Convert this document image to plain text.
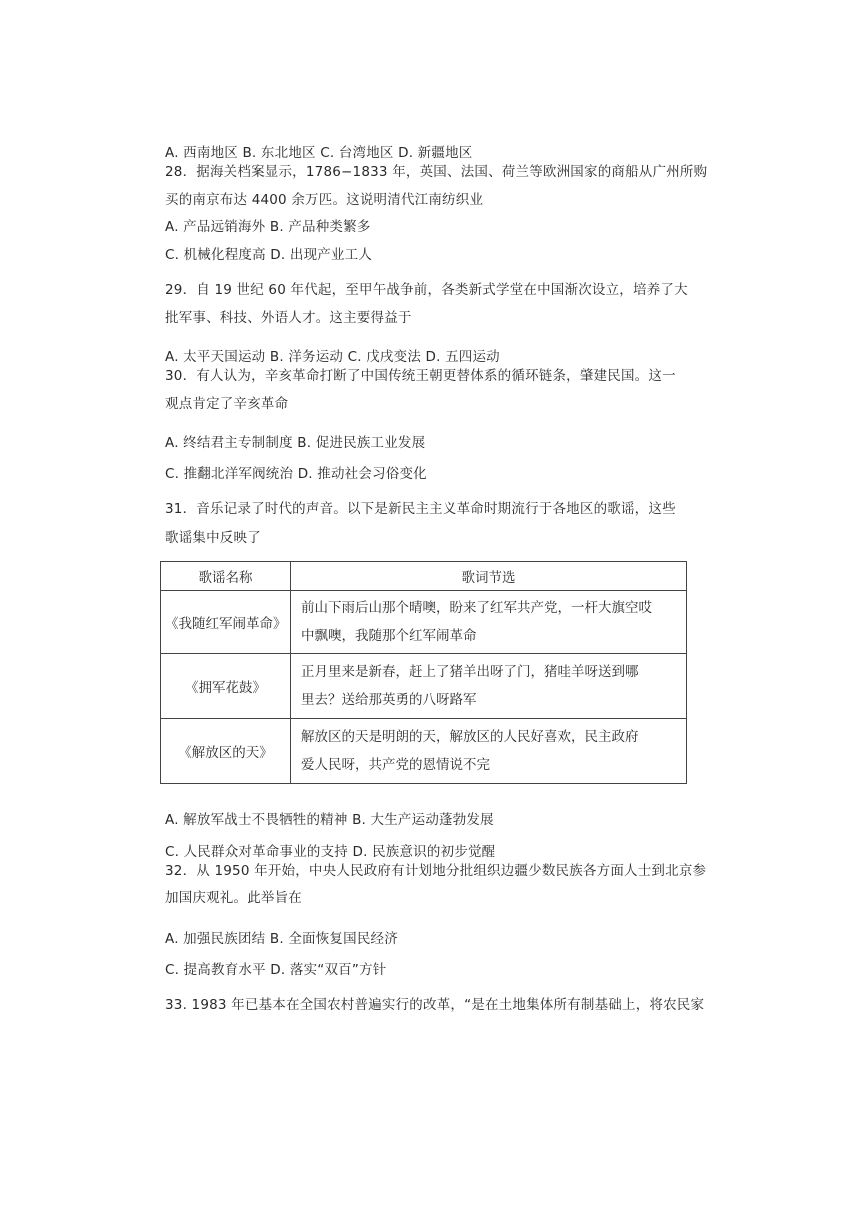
A. 西南地区 B. 东北地区 C. 台湾地区 D. 新疆地区
28．据海关档案显示，1786−1833 年，英国、法国、荷兰等欧洲国家的商船从广州所购
买的南京布达 4400 余万匹。这说明清代江南纺织业
A. 产品远销海外 B. 产品种类繁多
C. 机械化程度高 D. 出现产业工人
29．自 19 世纪 60 年代起，至甲午战争前，各类新式学堂在中国渐次设立，培养了大
批军事、科技、外语人才。这主要得益于
A. 太平天国运动 B. 洋务运动 C. 戊戌变法 D. 五四运动
30．有人认为，辛亥革命打断了中国传统王朝更替体系的循环链条，肇建民国。这一
观点肯定了辛亥革命
A. 终结君主专制制度 B. 促进民族工业发展
C. 推翻北洋军阀统治 D. 推动社会习俗变化
31．音乐记录了时代的声音。以下是新民主主义革命时期流行于各地区的歌谣，这些
歌谣集中反映了
歌谣名称	歌词节选
《我随红军闹革命》	前山下雨后山那个晴噢，盼来了红军共产党，一杆大旗空哎
中飘噢，我随那个红军闹革命

《拥军花鼓》	正月里来是新春，赶上了猪羊出呀了门，猪哇羊呀送到哪
里去？送给那英勇的八呀路军

《解放区的天》	解放区的天是明朗的天，解放区的人民好喜欢，民主政府
爱人民呀，共产党的恩情说不完
A. 解放军战士不畏牺牲的精神 B. 大生产运动蓬勃发展
C. 人民群众对革命事业的支持 D. 民族意识的初步觉醒
32．从 1950 年开始，中央人民政府有计划地分批组织边疆少数民族各方面人士到北京参
加国庆观礼。此举旨在
A. 加强民族团结 B. 全面恢复国民经济
C. 提高教育水平 D. 落实“双百”方针
33. 1983 年已基本在全国农村普遍实行的改革，“是在土地集体所有制基础上，将农民家
